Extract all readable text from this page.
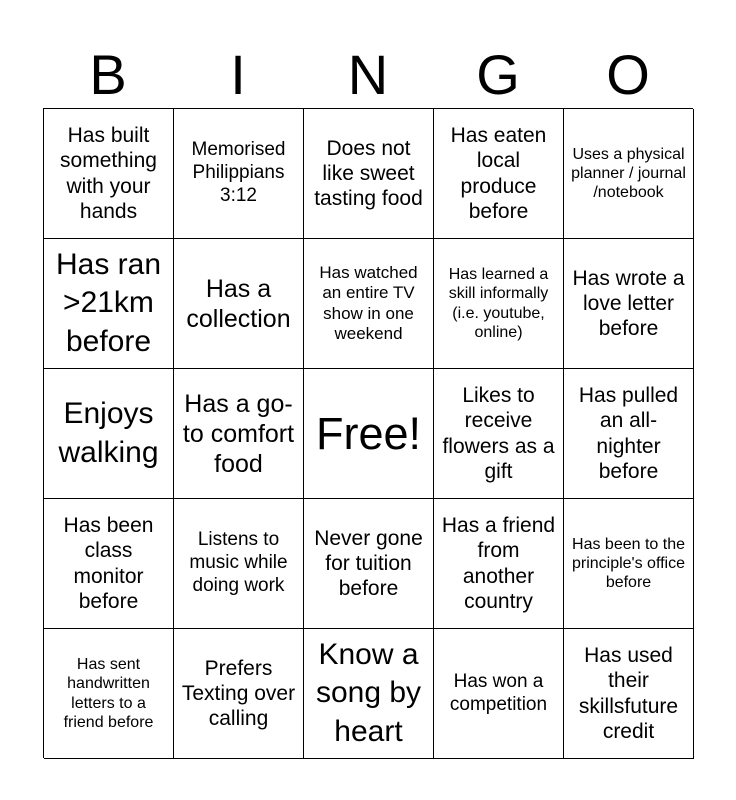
B	I	N	G	O
Has built something with your hands
Memorised Philippians 3:12
Does not like sweet tasting food
Has eaten local produce before
Uses a physical planner / journal /notebook
Has ran >21km before
Has a collection
Has watched an entire TV show in one weekend
Has learned a skill informally (i.e. youtube, online)
Has wrote a love letter before
Enjoys walking
Has a go-to comfort food
Free!
Likes to receive flowers as a gift
Has pulled an all-nighter before
Has been class monitor before
Listens to music while doing work
Never gone for tuition before
Has a friend from another country
Has been to the principle's office before
Has sent handwritten letters to a friend before
Prefers Texting over calling
Know a song by heart
Has won a competition
Has used their skillsfuture credit
